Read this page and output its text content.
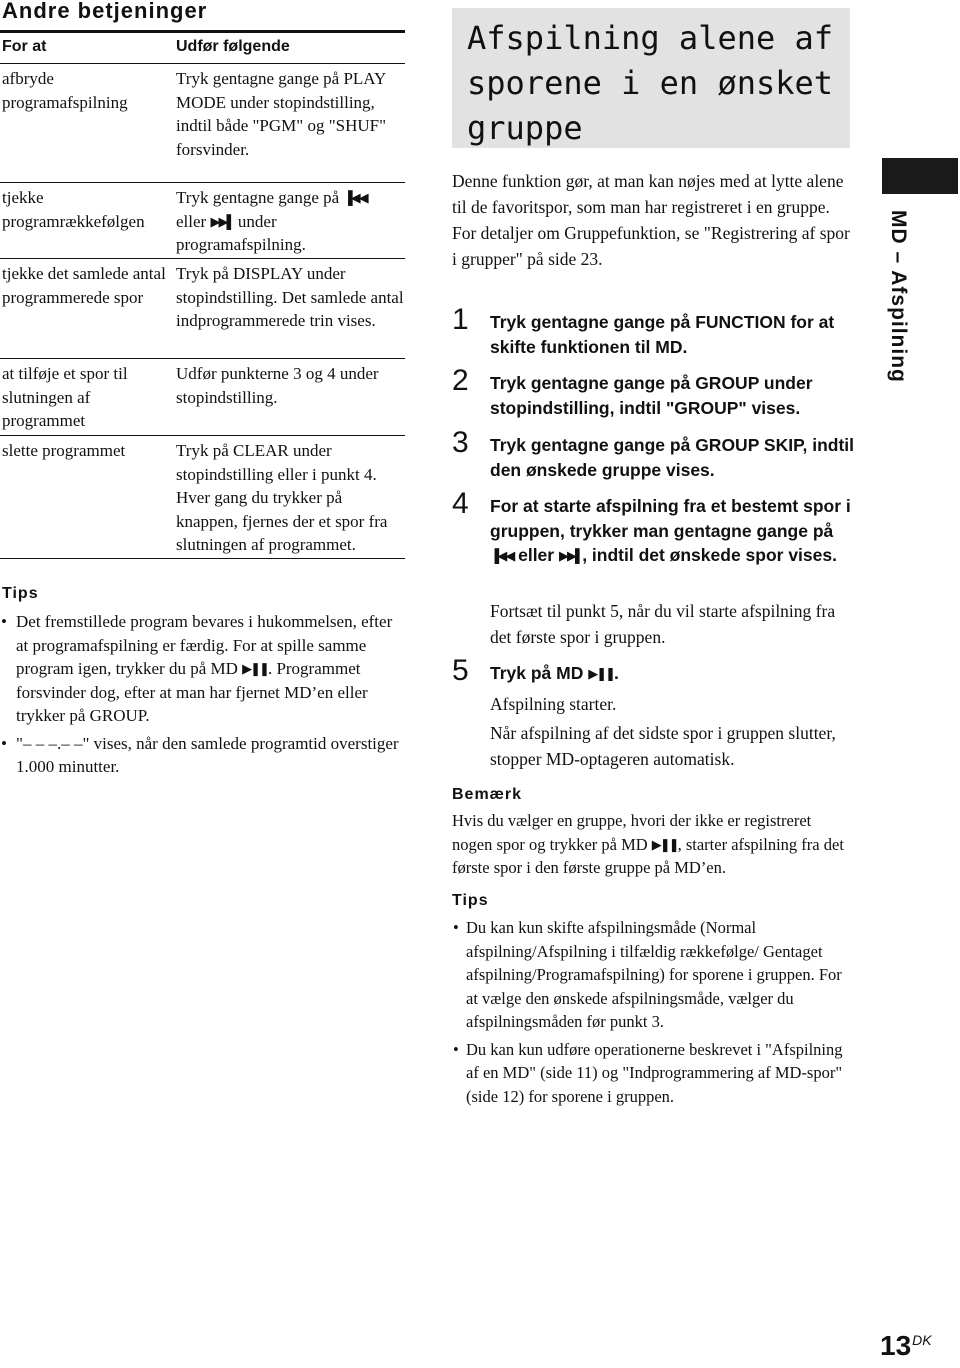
Andre betjeninger
For at	Udfør følgende
afbryde programafspilning
Tryk gentagne gange på PLAY MODE under stopindstilling, indtil både "PGM" og "SHUF" forsvinder.
tjekke programrækkefølgen
Tryk gentagne gange på ▐◀◀
eller ▶▶▌ under programafspilning.
tjekke det samlede antal programmerede spor
Tryk på DISPLAY under stopindstilling. Det samlede antal indprogrammerede trin vises.
at tilføje et spor til slutningen af programmet
Udfør punkterne 3 og 4 under stopindstilling.
slette programmet	Tryk på CLEAR under stopindstilling eller i punkt 4. Hver gang du trykker på knappen, fjernes der et spor fra slutningen af programmet.
Tips
• Det fremstillede program bevares i hukommelsen, efter at programafspilning er færdig. For at spille samme program igen, trykker du på MD ▶❚❚. Programmet forsvinder dog, efter at man har fjernet MD’en eller trykker på GROUP.
• "– – –.– –" vises, når den samlede programtid overstiger 1.000 minutter.
Afspilning alene af sporene i en ønsket gruppe
Denne funktion gør, at man kan nøjes med at lytte alene til de favoritspor, som man har registreret i en gruppe. For detaljer om Gruppefunktion, se "Registrering af spor i grupper" på side 23.
1 Tryk gentagne gange på FUNCTION for at skifte funktionen til MD.
2 Tryk gentagne gange på GROUP under stopindstilling, indtil "GROUP" vises.
3 Tryk gentagne gange på GROUP SKIP, indtil den ønskede gruppe vises.
4 For at starte afspilning fra et bestemt spor i gruppen, trykker man gentagne gange på ▐◀◀ eller ▶▶▌, indtil det ønskede spor vises.
Fortsæt til punkt 5, når du vil starte afspilning fra det første spor i gruppen.
5 Tryk på MD ▶❚❚.
Afspilning starter.
Når afspilning af det sidste spor i gruppen slutter, stopper MD-optageren automatisk.
Bemærk
Hvis du vælger en gruppe, hvori der ikke er registreret nogen spor og trykker på MD ▶❚❚, starter afspilning fra det første spor i den første gruppe på MD’en.
Tips
• Du kan kun skifte afspilningsmåde (Normal afspilning/Afspilning i tilfældig rækkefølge/ Gentaget afspilning/Programafspilning) for sporene i gruppen. For at vælge den ønskede afspilningsmåde, vælger du afspilningsmåden før punkt 3.
• Du kan kun udføre operationerne beskrevet i "Afspilning af en MD" (side 11) og "Indprogrammering af MD-spor" (side 12) for sporene i gruppen.
MD – Afspilning
$13^{DK}$
